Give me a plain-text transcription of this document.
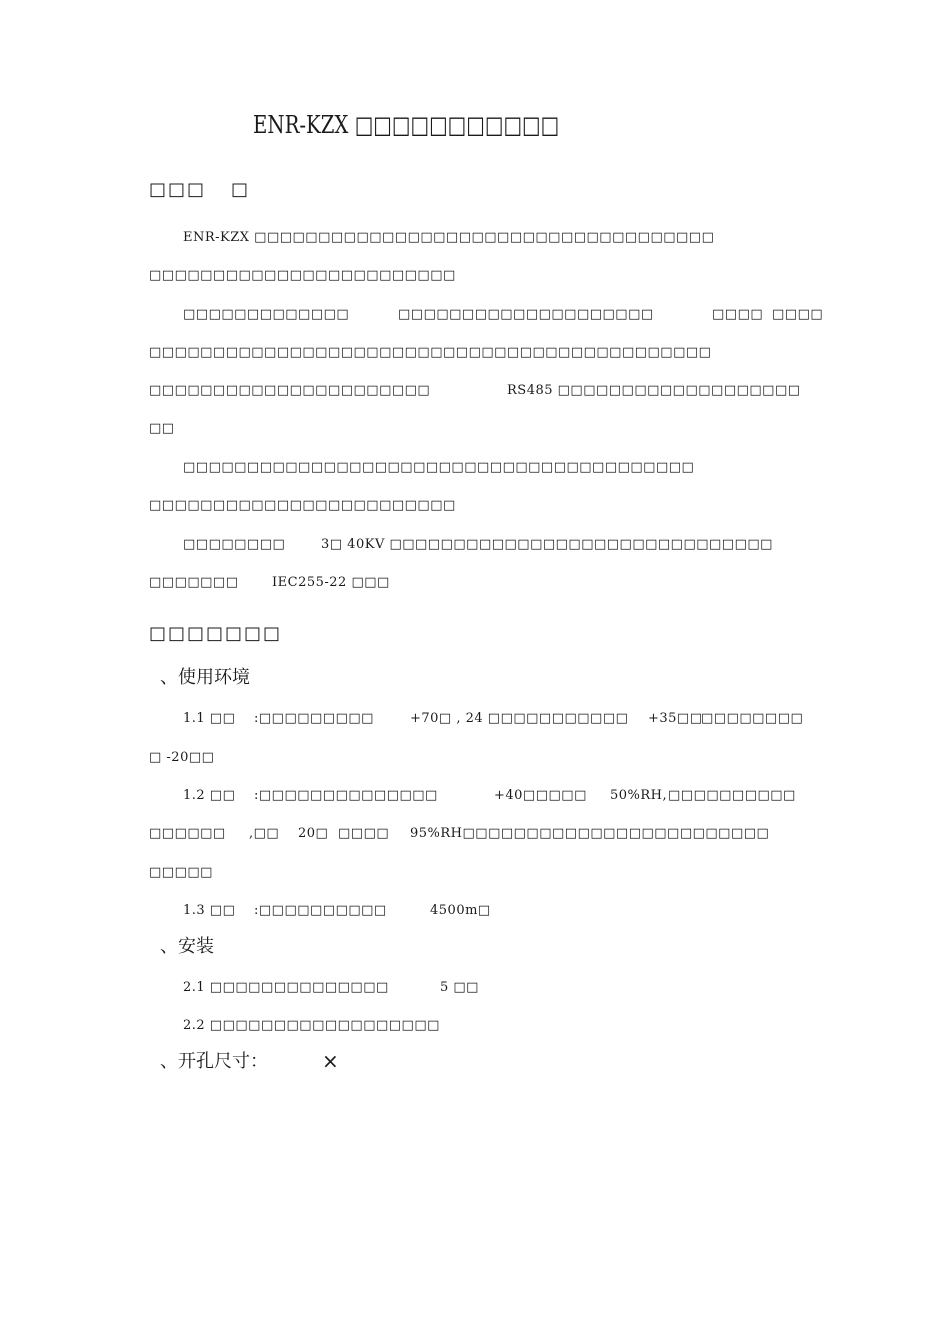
ENR-KZX □□□□□□□□□□□
□□□ □
ENR-KZX □□□□□□□□□□□□□□□□□□□□□□□□□□□□□□□□□□□□
□□□□□□□□□□□□□□□□□□□□□□□□
□□□□□□□□□□□□□	□□□□□□□□□□□□□□□□□□□□	□□□□ □□□□
□□□□□□□□□□□□□□□□□□□□□□□□□□□□□□□□□□□□□□□□□□□□
□□□□□□□□□□□□□□□□□□□□□□	RS485 □□□□□□□□□□□□□□□□□□□
□□
□□□□□□□□□□□□□□□□□□□□□□□□□□□□□□□□□□□□□□□□
□□□□□□□□□□□□□□□□□□□□□□□□
□□□□□□□□	3□ 40KV □□□□□□□□□□□□□□□□□□□□□□□□□□□□□□
□□□□□□□	IEC255-22 □□□
□□□□□□□
、使用环境
1.1 □□ :□□□□□□□□□	+70□ , 24 □□□□□□□□□□□ +35□□
□□□□□□□□
□ -20□□
1.2 □□ :□□□□□□□□□□□□□□	+40□□□□□ 50%RH, □□□□□□□□□□
□□□□□□ ,□□ 20□ □□□□ 95%RH□□□□□□□□□□□□□□□□□□□□□□□□
□□□□□
1.3 □□ :□□□□□□□□□□	4500m□
、安装
2.1 □□□□□□□□□□□□□□	5 □□
2.2 □□□□□□□□□□□□□□□□□□
、开孔尺寸：	×
